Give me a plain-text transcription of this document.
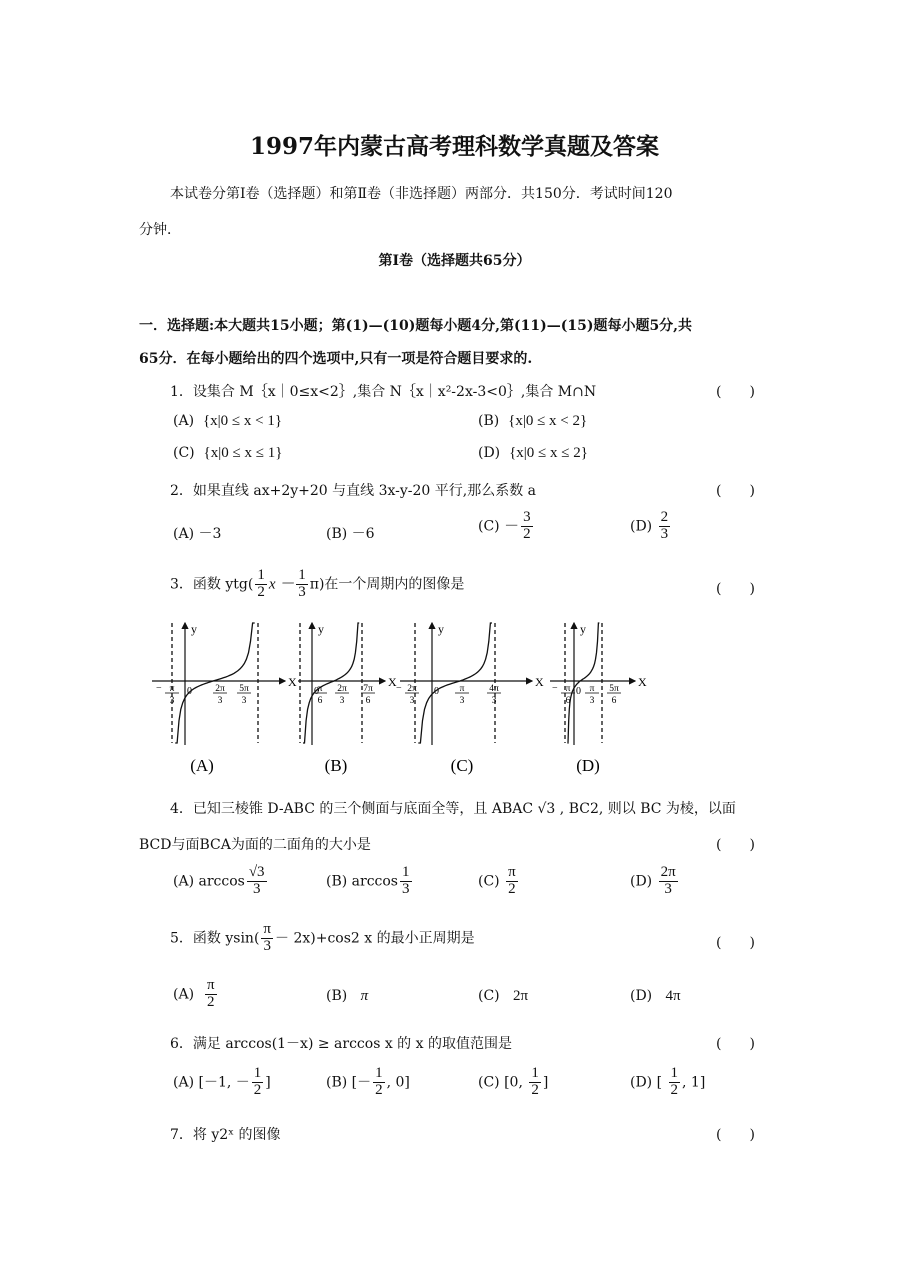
1997年内蒙古高考理科数学真题及答案
本试卷分第Ⅰ卷（选择题）和第Ⅱ卷（非选择题）两部分．共150分．考试时间120
分钟．
第Ⅰ卷（选择题共65分）
一．选择题:本大题共15小题；第(1)—(10)题每小题4分,第(11)—(15)题每小题5分,共
65分．在每小题给出的四个选项中,只有一项是符合题目要求的.
1．设集合 M｛x｜0≤x<2｝,集合 N｛x｜x²-2x-3<0｝,集合 M∩N	(　　)
(A) {x|0 ≤ x < 1}	(B) {x|0 ≤ x < 2}
(C) {x|0 ≤ x ≤ 1}	(D) {x|0 ≤ x ≤ 2}
2．如果直线 ax+2y+20 与直线 3x-y-20 平行,那么系数 a	(　　)
(A) －3	(B) －6	$(C) - \frac{3}{2}$	$(D) \frac{2}{3}$
3．函数 $ytg( \frac{1}{2}$ $x - \frac{1}{3} \pi$)在一个周期内的图像是	(　　)
y
X
0
− π
3
2π
3
5π
3
y
X
0
π
6
2π
3
7π
6
y
X
0
− 2π
3
π
3
4π
3
y
X
0
− π
6
π
3
5π
6
(A)	(B)	(C)	(D)
4．已知三棱锥 D-ABC 的三个侧面与底面全等，且 ABAC √3 , BC2, 则以 BC 为棱，以面
BCD与面BCA为面的二面角的大小是	(　　)
(A) $\arccos \frac{√3}{3}$	(B) $\arccos \frac{1}{3}$	$(C) \frac{\pi}{2}$	$(D) \frac{2\pi}{3}$
5．函数 $ysin( \frac{\pi}{3} - 2x)+\cos 2$ x 的最小正周期是	(　　)
$(A) \frac{\pi}{2}$	(B) π	(C) 2π	(D) 4π
6．满足 arccos(1－x) ≥ arccos x 的 x 的取值范围是	(　　)
(A) [－1, － $\frac{1}{2}$ ]	(B) [－ $\frac{1}{2}$ , 0]	(C) [0, $\frac{1}{2}$ ]	(D) [ $\frac{1}{2}$ , 1]
7．将 y2ˣ 的图像	(　　)
